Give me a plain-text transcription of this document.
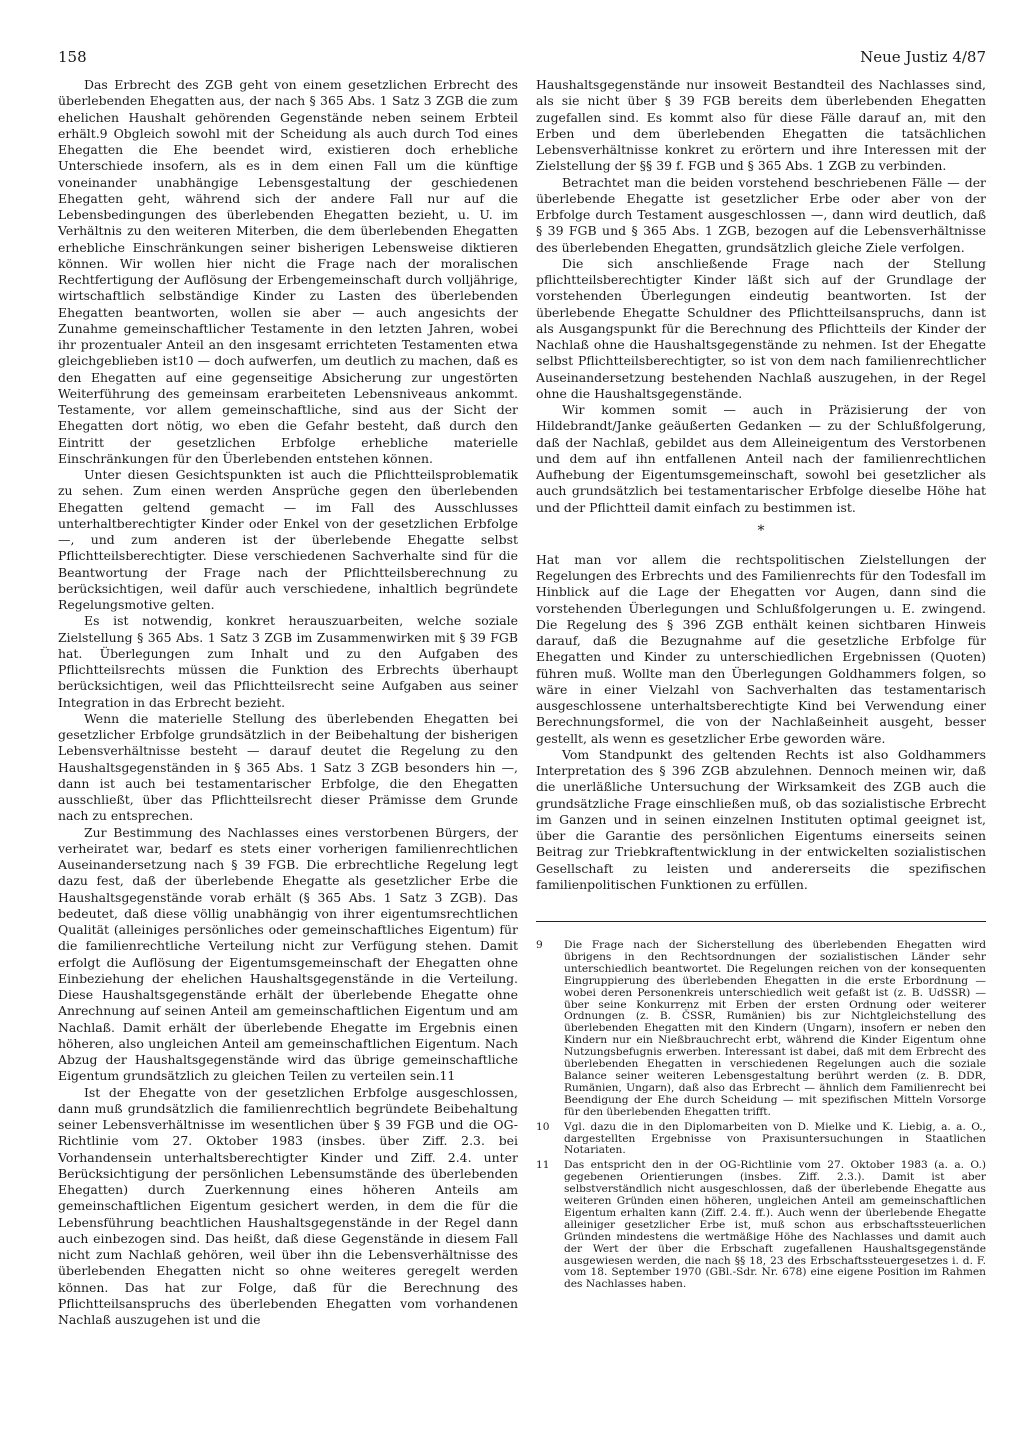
158	Neue Justiz 4/87

Das Erbrecht des ZGB geht von einem gesetzlichen Erbrecht des überlebenden Ehegatten aus, der nach § 365 Abs. 1 Satz 3 ZGB die zum ehelichen Haushalt gehörenden Gegenstände neben seinem Erbteil erhält.9 Obgleich sowohl mit der Scheidung als auch durch Tod eines Ehegatten die Ehe beendet wird, existieren doch erhebliche Unterschiede insofern, als es in dem einen Fall um die künftige voneinander unabhängige Lebensgestaltung der geschiedenen Ehegatten geht, während sich der andere Fall nur auf die Lebensbedingungen des überlebenden Ehegatten bezieht, u. U. im Verhältnis zu den weiteren Miterben, die dem überlebenden Ehegatten erhebliche Einschränkungen seiner bisherigen Lebensweise diktieren können. Wir wollen hier nicht die Frage nach der moralischen Rechtfertigung der Auflösung der Erbengemeinschaft durch volljährige, wirtschaftlich selbständige Kinder zu Lasten des überlebenden Ehegatten beantworten, wollen sie aber — auch angesichts der Zunahme gemeinschaftlicher Testamente in den letzten Jahren, wobei ihr prozentualer Anteil an den insgesamt errichteten Testamenten etwa gleichgeblieben ist10 — doch aufwerfen, um deutlich zu machen, daß es den Ehegatten auf eine gegenseitige Absicherung zur ungestörten Weiterführung des gemeinsam erarbeiteten Lebensniveaus ankommt. Testamente, vor allem gemeinschaftliche, sind aus der Sicht der Ehegatten dort nötig, wo eben die Gefahr besteht, daß durch den Eintritt der gesetzlichen Erbfolge erhebliche materielle Einschränkungen für den Überlebenden entstehen können.

Unter diesen Gesichtspunkten ist auch die Pflichtteilsproblematik zu sehen. Zum einen werden Ansprüche gegen den überlebenden Ehegatten geltend gemacht — im Fall des Ausschlusses unterhaltberechtigter Kinder oder Enkel von der gesetzlichen Erbfolge —, und zum anderen ist der überlebende Ehegatte selbst Pflichtteilsberechtigter. Diese verschiedenen Sachverhalte sind für die Beantwortung der Frage nach der Pflichtteilsberechnung zu berücksichtigen, weil dafür auch verschiedene, inhaltlich begründete Regelungsmotive gelten.

Es ist notwendig, konkret herauszuarbeiten, welche soziale Zielstellung § 365 Abs. 1 Satz 3 ZGB im Zusammenwirken mit § 39 FGB hat. Überlegungen zum Inhalt und zu den Aufgaben des Pflichtteilsrechts müssen die Funktion des Erbrechts überhaupt berücksichtigen, weil das Pflichtteilsrecht seine Aufgaben aus seiner Integration in das Erbrecht bezieht.

Wenn die materielle Stellung des überlebenden Ehegatten bei gesetzlicher Erbfolge grundsätzlich in der Beibehaltung der bisherigen Lebensverhältnisse besteht — darauf deutet die Regelung zu den Haushaltsgegenständen in § 365 Abs. 1 Satz 3 ZGB besonders hin —, dann ist auch bei testamentarischer Erbfolge, die den Ehegatten ausschließt, über das Pflichtteilsrecht dieser Prämisse dem Grunde nach zu entsprechen.

Zur Bestimmung des Nachlasses eines verstorbenen Bürgers, der verheiratet war, bedarf es stets einer vorherigen familienrechtlichen Auseinandersetzung nach § 39 FGB. Die erbrechtliche Regelung legt dazu fest, daß der überlebende Ehegatte als gesetzlicher Erbe die Haushaltsgegenstände vorab erhält (§ 365 Abs. 1 Satz 3 ZGB). Das bedeutet, daß diese völlig unabhängig von ihrer eigentumsrechtlichen Qualität (alleiniges persönliches oder gemeinschaftliches Eigentum) für die familienrechtliche Verteilung nicht zur Verfügung stehen. Damit erfolgt die Auflösung der Eigentumsgemeinschaft der Ehegatten ohne Einbeziehung der ehelichen Haushaltsgegenstände in die Verteilung. Diese Haushaltsgegenstände erhält der überlebende Ehegatte ohne Anrechnung auf seinen Anteil am gemeinschaftlichen Eigentum und am Nachlaß. Damit erhält der überlebende Ehegatte im Ergebnis einen höheren, also ungleichen Anteil am gemeinschaftlichen Eigentum. Nach Abzug der Haushaltsgegenstände wird das übrige gemeinschaftliche Eigentum grundsätzlich zu gleichen Teilen zu verteilen sein.11

Ist der Ehegatte von der gesetzlichen Erbfolge ausgeschlossen, dann muß grundsätzlich die familienrechtlich begründete Beibehaltung seiner Lebensverhältnisse im wesentlichen über § 39 FGB und die OG-Richtlinie vom 27. Oktober 1983 (insbes. über Ziff. 2.3. bei Vorhandensein unterhaltsberechtigter Kinder und Ziff. 2.4. unter Berücksichtigung der persönlichen Lebensumstände des überlebenden Ehegatten) durch Zuerkennung eines höheren Anteils am gemeinschaftlichen Eigentum gesichert werden, in dem die für die Lebensführung beachtlichen Haushaltsgegenstände in der Regel dann auch einbezogen sind. Das heißt, daß diese Gegenstände in diesem Fall nicht zum Nachlaß gehören, weil über ihn die Lebensverhältnisse des überlebenden Ehegatten nicht so ohne weiteres geregelt werden können. Das hat zur Folge, daß für die Berechnung des Pflichtteilsanspruchs des überlebenden Ehegatten vom vorhandenen Nachlaß auszugehen ist und die

Haushaltsgegenstände nur insoweit Bestandteil des Nachlasses sind, als sie nicht über § 39 FGB bereits dem überlebenden Ehegatten zugefallen sind. Es kommt also für diese Fälle darauf an, mit den Erben und dem überlebenden Ehegatten die tatsächlichen Lebensverhältnisse konkret zu erörtern und ihre Interessen mit der Zielstellung der §§ 39 f. FGB und § 365 Abs. 1 ZGB zu verbinden.

Betrachtet man die beiden vorstehend beschriebenen Fälle — der überlebende Ehegatte ist gesetzlicher Erbe oder aber von der Erbfolge durch Testament ausgeschlossen —, dann wird deutlich, daß § 39 FGB und § 365 Abs. 1 ZGB, bezogen auf die Lebensverhältnisse des überlebenden Ehegatten, grundsätzlich gleiche Ziele verfolgen.

Die sich anschließende Frage nach der Stellung pflichtteilsberechtigter Kinder läßt sich auf der Grundlage der vorstehenden Überlegungen eindeutig beantworten. Ist der überlebende Ehegatte Schuldner des Pflichtteilsanspruchs, dann ist als Ausgangspunkt für die Berechnung des Pflichtteils der Kinder der Nachlaß ohne die Haushaltsgegenstände zu nehmen. Ist der Ehegatte selbst Pflichtteilsberechtigter, so ist von dem nach familienrechtlicher Auseinandersetzung bestehenden Nachlaß auszugehen, in der Regel ohne die Haushaltsgegenstände.

Wir kommen somit — auch in Präzisierung der von Hildebrandt/Janke geäußerten Gedanken — zu der Schlußfolgerung, daß der Nachlaß, gebildet aus dem Alleineigentum des Verstorbenen und dem auf ihn entfallenen Anteil nach der familienrechtlichen Aufhebung der Eigentumsgemeinschaft, sowohl bei gesetzlicher als auch grundsätzlich bei testamentarischer Erbfolge dieselbe Höhe hat und der Pflichtteil damit einfach zu bestimmen ist.

*

Hat man vor allem die rechtspolitischen Zielstellungen der Regelungen des Erbrechts und des Familienrechts für den Todesfall im Hinblick auf die Lage der Ehegatten vor Augen, dann sind die vorstehenden Überlegungen und Schlußfolgerungen u. E. zwingend. Die Regelung des § 396 ZGB enthält keinen sichtbaren Hinweis darauf, daß die Bezugnahme auf die gesetzliche Erbfolge für Ehegatten und Kinder zu unterschiedlichen Ergebnissen (Quoten) führen muß. Wollte man den Überlegungen Goldhammers folgen, so wäre in einer Vielzahl von Sachverhalten das testamentarisch ausgeschlossene unterhaltsberechtigte Kind bei Verwendung einer Berechnungsformel, die von der Nachlaßeinheit ausgeht, besser gestellt, als wenn es gesetzlicher Erbe geworden wäre.

Vom Standpunkt des geltenden Rechts ist also Goldhammers Interpretation des § 396 ZGB abzulehnen. Dennoch meinen wir, daß die unerläßliche Untersuchung der Wirksamkeit des ZGB auch die grundsätzliche Frage einschließen muß, ob das sozialistische Erbrecht im Ganzen und in seinen einzelnen Instituten optimal geeignet ist, über die Garantie des persönlichen Eigentums einerseits seinen Beitrag zur Triebkraftentwicklung in der entwickelten sozialistischen Gesellschaft zu leisten und andererseits die spezifischen familienpolitischen Funktionen zu erfüllen.

9	Die Frage nach der Sicherstellung des überlebenden Ehegatten wird übrigens in den Rechtsordnungen der sozialistischen Länder sehr unterschiedlich beantwortet. Die Regelungen reichen von der konsequenten Eingruppierung des überlebenden Ehegatten in die erste Erbordnung — wobei deren Personenkreis unterschiedlich weit gefaßt ist (z. B. UdSSR) — über seine Konkurrenz mit Erben der ersten Ordnung oder weiterer Ordnungen (z. B. ČSSR, Rumänien) bis zur Nichtgleichstellung des überlebenden Ehegatten mit den Kindern (Ungarn), insofern er neben den Kindern nur ein Nießbrauchrecht erbt, während die Kinder Eigentum ohne Nutzungsbefugnis erwerben. Interessant ist dabei, daß mit dem Erbrecht des überlebenden Ehegatten in verschiedenen Regelungen auch die soziale Balance seiner weiteren Lebensgestaltung berührt werden (z. B. DDR, Rumänien, Ungarn), daß also das Erbrecht — ähnlich dem Familienrecht bei Beendigung der Ehe durch Scheidung — mit spezifischen Mitteln Vorsorge für den überlebenden Ehegatten trifft.
10	Vgl. dazu die in den Diplomarbeiten von D. Mielke und K. Liebig, a. a. O., dargestellten Ergebnisse von Praxisuntersuchungen in Staatlichen Notariaten.
11	Das entspricht den in der OG-Richtlinie vom 27. Oktober 1983 (a. a. O.) gegebenen Orientierungen (insbes. Ziff. 2.3.). Damit ist aber selbstverständlich nicht ausgeschlossen, daß der überlebende Ehegatte aus weiteren Gründen einen höheren, ungleichen Anteil am gemeinschaftlichen Eigentum erhalten kann (Ziff. 2.4. ff.). Auch wenn der überlebende Ehegatte alleiniger gesetzlicher Erbe ist, muß schon aus erbschaftssteuerlichen Gründen mindestens die wertmäßige Höhe des Nachlasses und damit auch der Wert der über die Erbschaft zugefallenen Haushaltsgegenstände ausgewiesen werden, die nach §§ 18, 23 des Erbschaftssteuergesetzes i. d. F. vom 18. September 1970 (GBl.-Sdr. Nr. 678) eine eigene Position im Rahmen des Nachlasses haben.
